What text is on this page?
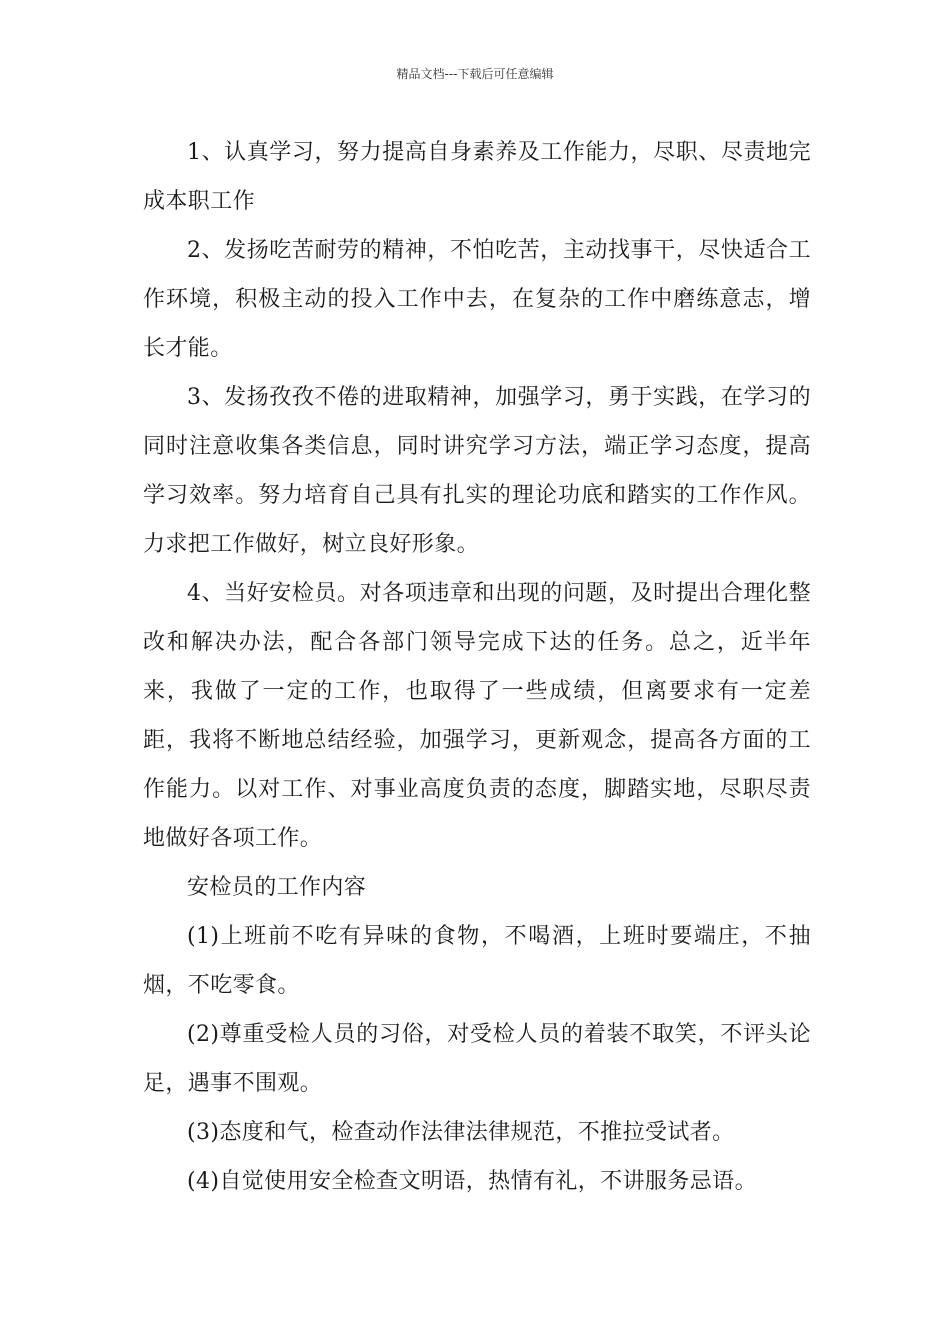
精品文档---下载后可任意编辑

1、认真学习，努力提高自身素养及工作能力，尽职、尽责地完成本职工作

2、发扬吃苦耐劳的精神，不怕吃苦，主动找事干，尽快适合工作环境，积极主动的投入工作中去，在复杂的工作中磨练意志，增长才能。

3、发扬孜孜不倦的进取精神，加强学习，勇于实践，在学习的同时注意收集各类信息，同时讲究学习方法，端正学习态度，提高学习效率。努力培育自己具有扎实的理论功底和踏实的工作作风。力求把工作做好，树立良好形象。

4、当好安检员。对各项违章和出现的问题，及时提出合理化整改和解决办法，配合各部门领导完成下达的任务。总之，近半年来，我做了一定的工作，也取得了一些成绩，但离要求有一定差距，我将不断地总结经验，加强学习，更新观念，提高各方面的工作能力。以对工作、对事业高度负责的态度，脚踏实地，尽职尽责地做好各项工作。

安检员的工作内容

(1)上班前不吃有异味的食物，不喝酒，上班时要端庄，不抽烟，不吃零食。

(2)尊重受检人员的习俗，对受检人员的着装不取笑，不评头论足，遇事不围观。

(3)态度和气，检查动作法律法律规范，不推拉受试者。

(4)自觉使用安全检查文明语，热情有礼，不讲服务忌语。
